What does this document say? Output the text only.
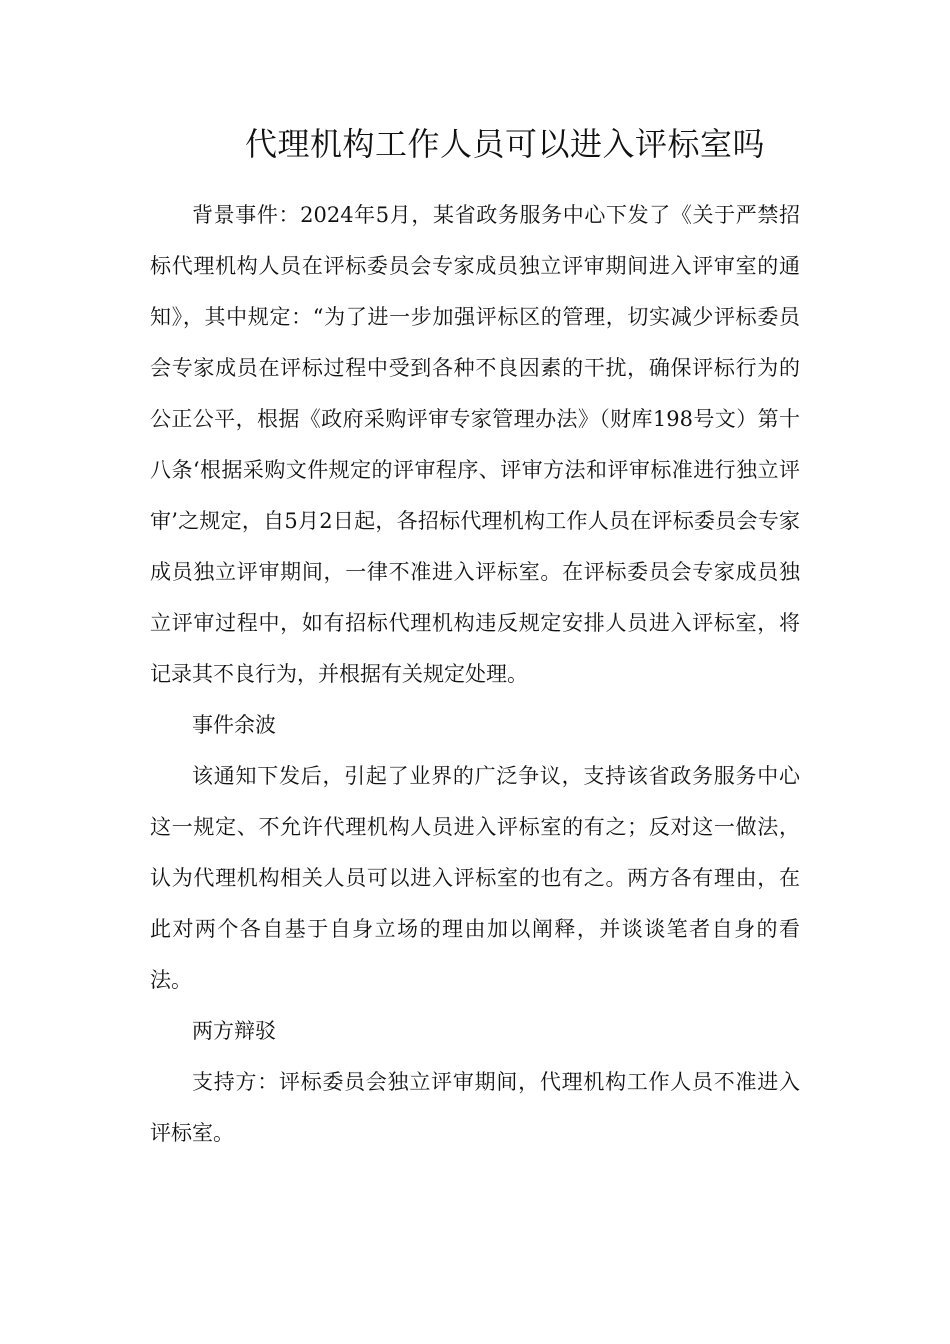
代理机构工作人员可以进入评标室吗

背景事件：2024年5月，某省政务服务中心下发了《关于严禁招标代理机构人员在评标委员会专家成员独立评审期间进入评审室的通知》，其中规定：“为了进一步加强评标区的管理，切实减少评标委员会专家成员在评标过程中受到各种不良因素的干扰，确保评标行为的公正公平，根据《政府采购评审专家管理办法》（财库198号文）第十八条‘根据采购文件规定的评审程序、评审方法和评审标准进行独立评审’之规定，自5月2日起，各招标代理机构工作人员在评标委员会专家成员独立评审期间，一律不准进入评标室。在评标委员会专家成员独立评审过程中，如有招标代理机构违反规定安排人员进入评标室，将记录其不良行为，并根据有关规定处理。

事件余波

该通知下发后，引起了业界的广泛争议，支持该省政务服务中心这一规定、不允许代理机构人员进入评标室的有之；反对这一做法，认为代理机构相关人员可以进入评标室的也有之。两方各有理由，在此对两个各自基于自身立场的理由加以阐释，并谈谈笔者自身的看法。

两方辩驳

支持方：评标委员会独立评审期间，代理机构工作人员不准进入评标室。
